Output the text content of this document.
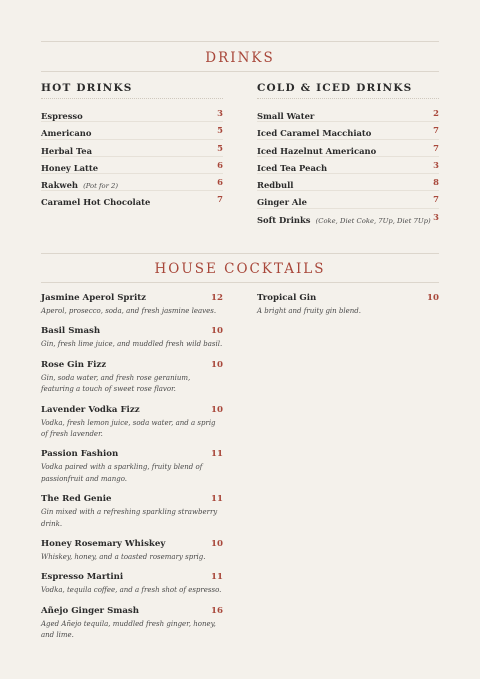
DRINKS
HOT DRINKS
Espresso	3
Americano	5
Herbal Tea	5
Honey Latte	6
Rakweh (Pot for 2)	6
Caramel Hot Chocolate	7
COLD & ICED DRINKS
Small Water	2
Iced Caramel Macchiato	7
Iced Hazelnut Americano	7
Iced Tea Peach	3
Redbull	8
Ginger Ale	7
Soft Drinks (Coke, Diet Coke, 7Up, Diet 7Up) 3
HOUSE COCKTAILS
Jasmine Aperol Spritz	12
Aperol, prosecco, soda, and fresh jasmine leaves.
Basil Smash	10
Gin, fresh lime juice, and muddled fresh wild basil.
Rose Gin Fizz	10
Gin, soda water, and fresh rose geranium, featuring a touch of sweet rose flavor.
Lavender Vodka Fizz	10
Vodka, fresh lemon juice, soda water, and a sprig of fresh lavender.
Passion Fashion	11
Vodka paired with a sparkling, fruity blend of passionfruit and mango.
The Red Genie	11
Gin mixed with a refreshing sparkling strawberry drink.
Honey Rosemary Whiskey	10
Whiskey, honey, and a toasted rosemary sprig.
Espresso Martini	11
Vodka, tequila coffee, and a fresh shot of espresso.
Añejo Ginger Smash	16
Aged Añejo tequila, muddled fresh ginger, honey, and lime.
Tropical Gin	10
A bright and fruity gin blend.
